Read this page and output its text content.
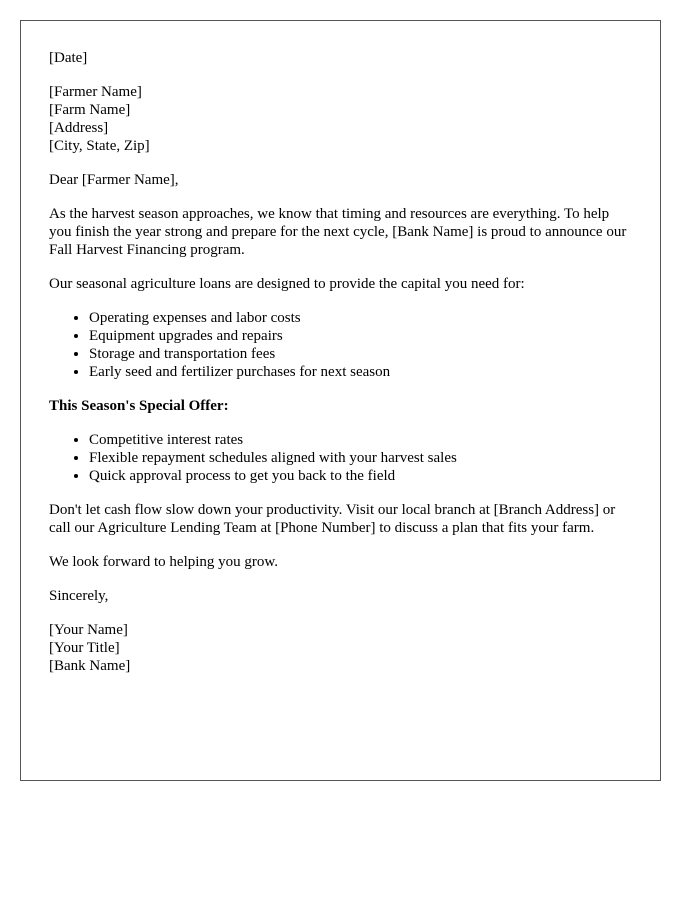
[Date]
[Farmer Name]
[Farm Name]
[Address]
[City, State, Zip]

Dear [Farmer Name],

As the harvest season approaches, we know that timing and resources are everything. To help you finish the year strong and prepare for the next cycle, [Bank Name] is proud to announce our Fall Harvest Financing program.

Our seasonal agriculture loans are designed to provide the capital you need for:

• Operating expenses and labor costs
• Equipment upgrades and repairs
• Storage and transportation fees
• Early seed and fertilizer purchases for next season

This Season's Special Offer:

• Competitive interest rates
• Flexible repayment schedules aligned with your harvest sales
• Quick approval process to get you back to the field

Don't let cash flow slow down your productivity. Visit our local branch at [Branch Address] or call our Agriculture Lending Team at [Phone Number] to discuss a plan that fits your farm.

We look forward to helping you grow.

Sincerely,

[Your Name]
[Your Title]
[Bank Name]
